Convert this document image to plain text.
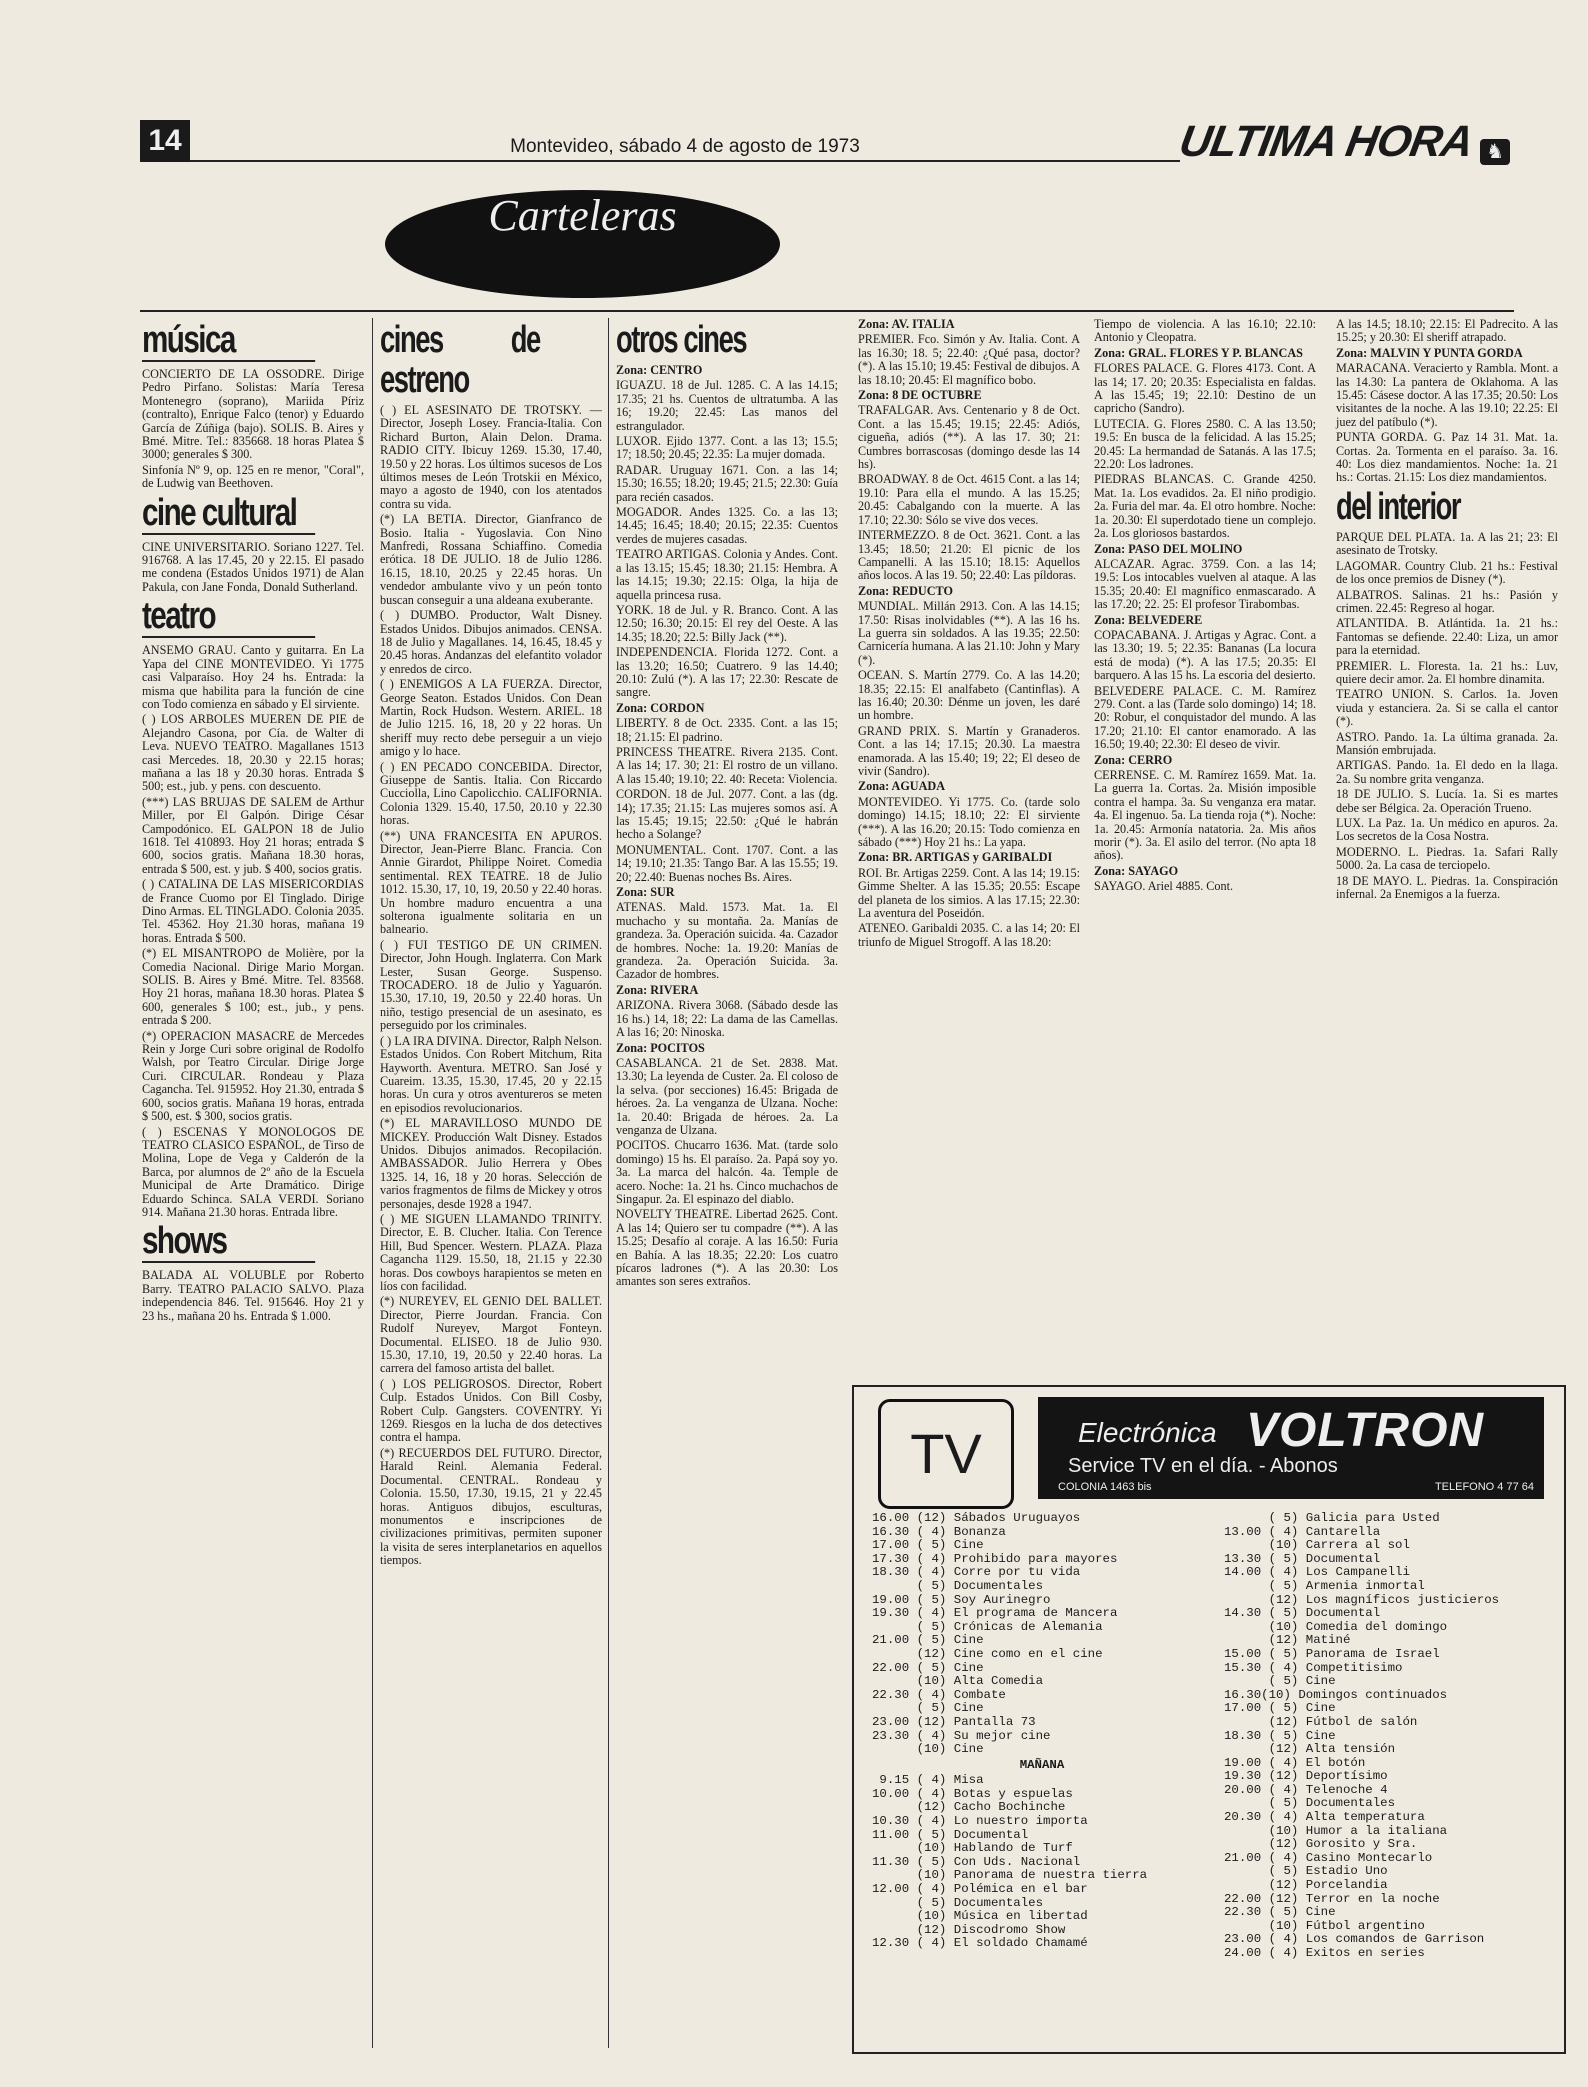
14	Montevideo, sábado 4 de agosto de 1973	ULTIMA HORA ♞
Carteleras
música

CONCIERTO DE LA OSSODRE. Dirige Pedro Pirfano. Solistas: María Teresa Montenegro (soprano), Mariida Píriz (contralto), Enrique Falco (tenor) y Eduardo García de Zúñiga (bajo). SOLIS. B. Aires y Bmé. Mitre. Tel.: 835668. 18 horas Platea $ 3000; generales $ 300.

Sinfonía Nº 9, op. 125 en re menor, "Coral", de Ludwig van Beethoven.

cine cultural

CINE UNIVERSITARIO. Soriano 1227. Tel. 916768. A las 17.45, 20 y 22.15. El pasado me condena (Estados Unidos 1971) de Alan Pakula, con Jane Fonda, Donald Sutherland.

teatro

ANSEMO GRAU. Canto y guitarra. En La Yapa del CINE MONTEVIDEO. Yi 1775 casi Valparaíso. Hoy 24 hs. Entrada: la misma que habilita para la función de cine con Todo comienza en sábado y El sirviente.

( ) LOS ARBOLES MUEREN DE PIE de Alejandro Casona, por Cía. de Walter di Leva. NUEVO TEATRO. Magallanes 1513 casi Mercedes. 18, 20.30 y 22.15 horas; mañana a las 18 y 20.30 horas. Entrada $ 500; est., jub. y pens. con descuento.

(***) LAS BRUJAS DE SALEM de Arthur Miller, por El Galpón. Dirige César Campodónico. EL GALPON 18 de Julio 1618. Tel 410893. Hoy 21 horas; entrada $ 600, socios gratis. Mañana 18.30 horas, entrada $ 500, est. y jub. $ 400, socios gratis.

( ) CATALINA DE LAS MISERICORDIAS de France Cuomo por El Tinglado. Dirige Dino Armas. EL TINGLADO. Colonia 2035. Tel. 45362. Hoy 21.30 horas, mañana 19 horas. Entrada $ 500.

(*) EL MISANTROPO de Molière, por la Comedia Nacional. Dirige Mario Morgan. SOLIS. B. Aires y Bmé. Mitre. Tel. 83568. Hoy 21 horas, mañana 18.30 horas. Platea $ 600, generales $ 100; est., jub., y pens. entrada $ 200.

(*) OPERACION MASACRE de Mercedes Rein y Jorge Curi sobre original de Rodolfo Walsh, por Teatro Circular. Dirige Jorge Curi. CIRCULAR. Rondeau y Plaza Cagancha. Tel. 915952. Hoy 21.30, entrada $ 600, socios gratis. Mañana 19 horas, entrada $ 500, est. $ 300, socios gratis.

( ) ESCENAS Y MONOLOGOS DE TEATRO CLASICO ESPAÑOL, de Tirso de Molina, Lope de Vega y Calderón de la Barca, por alumnos de 2º año de la Escuela Municipal de Arte Dramático. Dirige Eduardo Schinca. SALA VERDI. Soriano 914. Mañana 21.30 horas. Entrada libre.

shows

BALADA AL VOLUBLE por Roberto Barry. TEATRO PALACIO SALVO. Plaza independencia 846. Tel. 915646. Hoy 21 y 23 hs., mañana 20 hs. Entrada $ 1.000.

cines de estreno

( ) EL ASESINATO DE TROTSKY. — Director, Joseph Losey. Francia-Italia. Con Richard Burton, Alain Delon. Drama. RADIO CITY. Ibicuy 1269. 15.30, 17.40, 19.50 y 22 horas. Los últimos sucesos de Los últimos meses de León Trotskii en México, mayo a agosto de 1940, con los atentados contra su vida.

(*) LA BETIA. Director, Gianfranco de Bosio. Italia - Yugoslavia. Con Nino Manfredi, Rossana Schiaffino. Comedia erótica. 18 DE JULIO. 18 de Julio 1286. 16.15, 18.10, 20.25 y 22.45 horas. Un vendedor ambulante vivo y un peón tonto buscan conseguir a una aldeana exuberante.

( ) DUMBO. Productor, Walt Disney. Estados Unidos. Dibujos animados. CENSA. 18 de Julio y Magallanes. 14, 16.45, 18.45 y 20.45 horas. Andanzas del elefantito volador y enredos de circo.

( ) ENEMIGOS A LA FUERZA. Director, George Seaton. Estados Unidos. Con Dean Martin, Rock Hudson. Western. ARIEL. 18 de Julio 1215. 16, 18, 20 y 22 horas. Un sheriff muy recto debe perseguir a un viejo amigo y lo hace.

( ) EN PECADO CONCEBIDA. Director, Giuseppe de Santis. Italia. Con Riccardo Cucciolla, Lino Capolicchio. CALIFORNIA. Colonia 1329. 15.40, 17.50, 20.10 y 22.30 horas.

(**) UNA FRANCESITA EN APUROS. Director, Jean-Pierre Blanc. Francia. Con Annie Girardot, Philippe Noiret. Comedia sentimental. REX TEATRE. 18 de Julio 1012. 15.30, 17, 10, 19, 20.50 y 22.40 horas. Un hombre maduro encuentra a una solterona igualmente solitaria en un balneario.

( ) FUI TESTIGO DE UN CRIMEN. Director, John Hough. Inglaterra. Con Mark Lester, Susan George. Suspenso. TROCADERO. 18 de Julio y Yaguarón. 15.30, 17.10, 19, 20.50 y 22.40 horas. Un niño, testigo presencial de un asesinato, es perseguido por los criminales.

( ) LA IRA DIVINA. Director, Ralph Nelson. Estados Unidos. Con Robert Mitchum, Rita Hayworth. Aventura. METRO. San José y Cuareim. 13.35, 15.30, 17.45, 20 y 22.15 horas. Un cura y otros aventureros se meten en episodios revolucionarios.

(*) EL MARAVILLOSO MUNDO DE MICKEY. Producción Walt Disney. Estados Unidos. Dibujos animados. Recopilación. AMBASSADOR. Julio Herrera y Obes 1325. 14, 16, 18 y 20 horas. Selección de varios fragmentos de films de Mickey y otros personajes, desde 1928 a 1947.

( ) ME SIGUEN LLAMANDO TRINITY. Director, E. B. Clucher. Italia. Con Terence Hill, Bud Spencer. Western. PLAZA. Plaza Cagancha 1129. 15.50, 18, 21.15 y 22.30 horas. Dos cowboys harapientos se meten en líos con facilidad.

(*) NUREYEV, EL GENIO DEL BALLET. Director, Pierre Jourdan. Francia. Con Rudolf Nureyev, Margot Fonteyn. Documental. ELISEO. 18 de Julio 930. 15.30, 17.10, 19, 20.50 y 22.40 horas. La carrera del famoso artista del ballet.

( ) LOS PELIGROSOS. Director, Robert Culp. Estados Unidos. Con Bill Cosby, Robert Culp. Gangsters. COVENTRY. Yi 1269. Riesgos en la lucha de dos detectives contra el hampa.

(*) RECUERDOS DEL FUTURO. Director, Harald Reinl. Alemania Federal. Documental. CENTRAL. Rondeau y Colonia. 15.50, 17.30, 19.15, 21 y 22.45 horas. Antiguos dibujos, esculturas, monumentos e inscripciones de civilizaciones primitivas, permiten suponer la visita de seres interplanetarios en aquellos tiempos.

otros cines

Zona: CENTRO

IGUAZU. 18 de Jul. 1285. C. A las 14.15; 17.35; 21 hs. Cuentos de ultratumba. A las 16; 19.20; 22.45: Las manos del estrangulador.

LUXOR. Ejido 1377. Cont. a las 13; 15.5; 17; 18.50; 20.45; 22.35: La mujer domada.

RADAR. Uruguay 1671. Con. a las 14; 15.30; 16.55; 18.20; 19.45; 21.5; 22.30: Guía para recién casados.

MOGADOR. Andes 1325. Co. a las 13; 14.45; 16.45; 18.40; 20.15; 22.35: Cuentos verdes de mujeres casadas.

TEATRO ARTIGAS. Colonia y Andes. Cont. a las 13.15; 15.45; 18.30; 21.15: Hembra. A las 14.15; 19.30; 22.15: Olga, la hija de aquella princesa rusa.

YORK. 18 de Jul. y R. Branco. Cont. A las 12.50; 16.30; 20.15: El rey del Oeste. A las 14.35; 18.20; 22.5: Billy Jack (**).

INDEPENDENCIA. Florida 1272. Cont. a las 13.20; 16.50; Cuatrero. 9 las 14.40; 20.10: Zulú (*). A las 17; 22.30: Rescate de sangre.

Zona: CORDON

LIBERTY. 8 de Oct. 2335. Cont. a las 15; 18; 21.15: El padrino.

PRINCESS THEATRE. Rivera 2135. Cont. A las 14; 17. 30; 21: El rostro de un villano. A las 15.40; 19.10; 22. 40: Receta: Violencia.

CORDON. 18 de Jul. 2077. Cont. a las (dg. 14); 17.35; 21.15: Las mujeres somos así. A las 15.45; 19.15; 22.50: ¿Qué le habrán hecho a Solange?

MONUMENTAL. Cont. 1707. Cont. a las 14; 19.10; 21.35: Tango Bar. A las 15.55; 19. 20; 22.40: Buenas noches Bs. Aires.

Zona: SUR

ATENAS. Mald. 1573. Mat. 1a. El muchacho y su montaña. 2a. Manías de grandeza. 3a. Operación suicida. 4a. Cazador de hombres. Noche: 1a. 19.20: Manías de grandeza. 2a. Operación Suicida. 3a. Cazador de hombres.

Zona: RIVERA

ARIZONA. Rivera 3068. (Sábado desde las 16 hs.) 14, 18; 22: La dama de las Camellas. A las 16; 20: Ninoska.

Zona: POCITOS

CASABLANCA. 21 de Set. 2838. Mat. 13.30; La leyenda de Custer. 2a. El coloso de la selva. (por secciones) 16.45: Brigada de héroes. 2a. La venganza de Ulzana. Noche: 1a. 20.40: Brigada de héroes. 2a. La venganza de Ulzana.

POCITOS. Chucarro 1636. Mat. (tarde solo domingo) 15 hs. El paraíso. 2a. Papá soy yo. 3a. La marca del halcón. 4a. Temple de acero. Noche: 1a. 21 hs. Cinco muchachos de Singapur. 2a. El espinazo del diablo.

NOVELTY THEATRE. Libertad 2625. Cont. A las 14; Quiero ser tu compadre (**). A las 15.25; Desafío al coraje. A las 16.50: Furia en Bahía. A las 18.35; 22.20: Los cuatro pícaros ladrones (*). A las 20.30: Los amantes son seres extraños.

Zona: AV. ITALIA

PREMIER. Fco. Simón y Av. Italia. Cont. A las 16.30; 18. 5; 22.40: ¿Qué pasa, doctor? (*). A las 15.10; 19.45: Festival de dibujos. A las 18.10; 20.45: El magnífico bobo.

Zona: 8 DE OCTUBRE

TRAFALGAR. Avs. Centenario y 8 de Oct. Cont. a las 15.45; 19.15; 22.45: Adiós, cigueña, adiós (**). A las 17. 30; 21: Cumbres borrascosas (domingo desde las 14 hs).

BROADWAY. 8 de Oct. 4615 Cont. a las 14; 19.10: Para ella el mundo. A las 15.25; 20.45: Cabalgando con la muerte. A las 17.10; 22.30: Sólo se vive dos veces.

INTERMEZZO. 8 de Oct. 3621. Cont. a las 13.45; 18.50; 21.20: El picnic de los Campanelli. A las 15.10; 18.15: Aquellos años locos. A las 19. 50; 22.40: Las píldoras.

Zona: REDUCTO

MUNDIAL. Millán 2913. Con. A las 14.15; 17.50: Risas inolvidables (**). A las 16 hs. La guerra sin soldados. A las 19.35; 22.50: Carnicería humana. A las 21.10: John y Mary (*).

OCEAN. S. Martín 2779. Co. A las 14.20; 18.35; 22.15: El analfabeto (Cantinflas). A las 16.40; 20.30: Dénme un joven, les daré un hombre.

GRAND PRIX. S. Martín y Granaderos. Cont. a las 14; 17.15; 20.30. La maestra enamorada. A las 15.40; 19; 22; El deseo de vivir (Sandro).

Zona: AGUADA

MONTEVIDEO. Yi 1775. Co. (tarde solo domingo) 14.15; 18.10; 22: El sirviente (***). A las 16.20; 20.15: Todo comienza en sábado (***) Hoy 21 hs.: La yapa.

Zona: BR. ARTIGAS y GARIBALDI

ROI. Br. Artigas 2259. Cont. A las 14; 19.15: Gimme Shelter. A las 15.35; 20.55: Escape del planeta de los simios. A las 17.15; 22.30: La aventura del Poseidón.

ATENEO. Garibaldi 2035. C. a las 14; 20: El triunfo de Miguel Strogoff. A las 18.20:

Tiempo de violencia. A las 16.10; 22.10: Antonio y Cleopatra.

Zona: GRAL. FLORES Y P. BLANCAS

FLORES PALACE. G. Flores 4173. Cont. A las 14; 17. 20; 20.35: Especialista en faldas. A las 15.45; 19; 22.10: Destino de un capricho (Sandro).

LUTECIA. G. Flores 2580. C. A las 13.50; 19.5: En busca de la felicidad. A las 15.25; 20.45: La hermandad de Satanás. A las 17.5; 22.20: Los ladrones.

PIEDRAS BLANCAS. C. Grande 4250. Mat. 1a. Los evadidos. 2a. El niño prodigio. 2a. Furia del mar. 4a. El otro hombre. Noche: 1a. 20.30: El superdotado tiene un complejo. 2a. Los gloriosos bastardos.

Zona: PASO DEL MOLINO

ALCAZAR. Agrac. 3759. Con. a las 14; 19.5: Los intocables vuelven al ataque. A las 15.35; 20.40: El magnífico enmascarado. A las 17.20; 22. 25: El profesor Tirabombas.

Zona: BELVEDERE

COPACABANA. J. Artigas y Agrac. Cont. a las 13.30; 19. 5; 22.35: Bananas (La locura está de moda) (*). A las 17.5; 20.35: El barquero. A las 15 hs. La escoria del desierto.

BELVEDERE PALACE. C. M. Ramírez 279. Cont. a las (Tarde solo domingo) 14; 18. 20: Robur, el conquistador del mundo. A las 17.20; 21.10: El cantor enamorado. A las 16.50; 19.40; 22.30: El deseo de vivir.

Zona: CERRO

CERRENSE. C. M. Ramírez 1659. Mat. 1a. La guerra 1a. Cortas. 2a. Misión imposible contra el hampa. 3a. Su venganza era matar. 4a. El ingenuo. 5a. La tienda roja (*). Noche: 1a. 20.45: Armonía natatoria. 2a. Mis años morir (*). 3a. El asilo del terror. (No apta 18 años).

Zona: SAYAGO

SAYAGO. Ariel 4885. Cont.

A las 14.5; 18.10; 22.15: El Padrecito. A las 15.25; y 20.30: El sheriff atrapado.

Zona: MALVIN Y PUNTA GORDA

MARACANA. Veracierto y Rambla. Mont. a las 14.30: La pantera de Oklahoma. A las 15.45: Cásese doctor. A las 17.35; 20.50: Los visitantes de la noche. A las 19.10; 22.25: El juez del patíbulo (*).

PUNTA GORDA. G. Paz 14 31. Mat. 1a. Cortas. 2a. Tormenta en el paraíso. 3a. 16. 40: Los diez mandamientos. Noche: 1a. 21 hs.: Cortas. 21.15: Los diez mandamientos.

del interior

PARQUE DEL PLATA. 1a. A las 21; 23: El asesinato de Trotsky.

LAGOMAR. Country Club. 21 hs.: Festival de los once premios de Disney (*).

ALBATROS. Salinas. 21 hs.: Pasión y crimen. 22.45: Regreso al hogar.

ATLANTIDA. B. Atlántida. 1a. 21 hs.: Fantomas se defiende. 22.40: Liza, un amor para la eternidad.

PREMIER. L. Floresta. 1a. 21 hs.: Luv, quiere decir amor. 2a. El hombre dinamita.

TEATRO UNION. S. Carlos. 1a. Joven viuda y estanciera. 2a. Si se calla el cantor (*).

ASTRO. Pando. 1a. La última granada. 2a. Mansión embrujada.

ARTIGAS. Pando. 1a. El dedo en la llaga. 2a. Su nombre grita venganza.

18 DE JULIO. S. Lucía. 1a. Si es martes debe ser Bélgica. 2a. Operación Trueno.

LUX. La Paz. 1a. Un médico en apuros. 2a. Los secretos de la Cosa Nostra.

MODERNO. L. Piedras. 1a. Safari Rally 5000. 2a. La casa de terciopelo.

18 DE MAYO. L. Piedras. 1a. Conspiración infernal. 2a Enemigos a la fuerza.

TV	Electrónica VOLTRON
Service TV en el día. - Abonos
COLONIA 1463 bis	TELEFONO 4 77 64
16.00 (12) Sábados Uruguayos
16.30 ( 4) Bonanza
17.00 ( 5) Cine
17.30 ( 4) Prohibido para mayores
18.30 ( 4) Corre por tu vida
( 5) Documentales
19.00 ( 5) Soy Aurinegro
19.30 ( 4) El programa de Mancera
( 5) Crónicas de Alemania
21.00 ( 5) Cine
(12) Cine como en el cine
22.00 ( 5) Cine
(10) Alta Comedia
22.30 ( 4) Combate
( 5) Cine
23.00 (12) Pantalla 73
23.30 ( 4) Su mejor cine
(10) Cine
MAÑANA
9.15 ( 4) Misa
10.00 ( 4) Botas y espuelas
(12) Cacho Bochinche
10.30 ( 4) Lo nuestro importa
11.00 ( 5) Documental
(10) Hablando de Turf
11.30 ( 5) Con Uds. Nacional
(10) Panorama de nuestra tierra
12.00 ( 4) Polémica en el bar
( 5) Documentales
(10) Música en libertad
(12) Discodromo Show
12.30 ( 4) El soldado Chamamé
( 5) Galicia para Usted
13.00 ( 4) Cantarella
(10) Carrera al sol
13.30 ( 5) Documental
14.00 ( 4) Los Campanelli
( 5) Armenia inmortal
(12) Los magníficos justicieros
14.30 ( 5) Documental
(10) Comedia del domingo
(12) Matiné
15.00 ( 5) Panorama de Israel
15.30 ( 4) Competitisimo
( 5) Cine
16.30(10) Domingos continuados
17.00 ( 5) Cine
(12) Fútbol de salón
18.30 ( 5) Cine
(12) Alta tensión
19.00 ( 4) El botón
19.30 (12) Deportísimo
20.00 ( 4) Telenoche 4
( 5) Documentales
20.30 ( 4) Alta temperatura
(10) Humor a la italiana
(12) Gorosito y Sra.
21.00 ( 4) Casino Montecarlo
( 5) Estadio Uno
(12) Porcelandia
22.00 (12) Terror en la noche
22.30 ( 5) Cine
(10) Fútbol argentino
23.00 ( 4) Los comandos de Garrison
24.00 ( 4) Exitos en series
